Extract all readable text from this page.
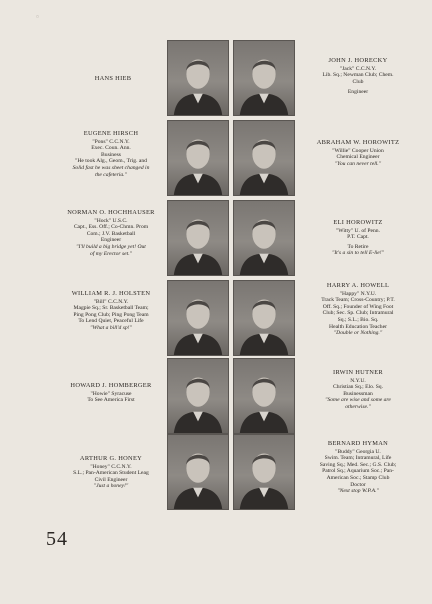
▫
HANS HIEB
EUGENE HIRSCH
"Pons" C.C.N.Y.
Exec. Coun. Ann.
Business
"He took Alg., Geom., Trig. and
Solid fast he was sheet changed in
the cafeteria."
NORMAN O. HOCHHAUSER
"Hock" U.S.C.
Capt., Ess. Off.; Co-Chmn. Prom
Com.; J.V. Basketball
Engineer
"I'll build a big bridge yet! Out
of my Erector set."
WILLIAM R. J. HOLSTEN
"Bill" C.C.N.Y.
Magpie Sq.; Sr. Basketball Team;
Ping Pong Club; Ping Pong Team
To Lend Quiet, Peaceful Life
"What a bill'd sp!"
HOWARD J. HOMBERGER
"Howie" Syracuse
To See America First
ARTHUR G. HONEY
"Honey" C.C.N.Y.
S.L.; Pan-American Student Leag
Civil Engineer
"Just a honey!"
JOHN J. HORECKY
"Jack" C.C.N.Y.
Lib. Sq.; Newman Club; Chem.
Club
Engineer
ABRAHAM W. HOROWITZ
"Willie" Cooper Union
Chemical Engineer
"You can never tell."
ELI HOROWITZ
"Witty" U. of Penn.
P.T. Capt.
To Retire
"It's a sin to tell E-lie!"
HARRY A. HOWELL
"Happy" N.Y.U.
Track Team; Cross-Country; P.T.
Off. Sq.; Founder of Wing Foot
Club; Sec. Sp. Club; Intramural
Sq.; S.L.; Bio. Sq.
Health Education Teacher
"Double or Nothing."
IRWIN HUTNER
N.Y.U.
Christian Sq.; Elo. Sq.
Businessman
"Some are wise and some are
otherwise."
BERNARD HYMAN
"Buddy" Georgia U.
Swim. Team; Intramural, Life
Saving Sq.; Med. Sec.; G.S. Club;
Patrol Sq.; Aquarium Soc.; Pan-
American Soc.; Stamp Club
Doctor
"Next stop W.P.A."
54
